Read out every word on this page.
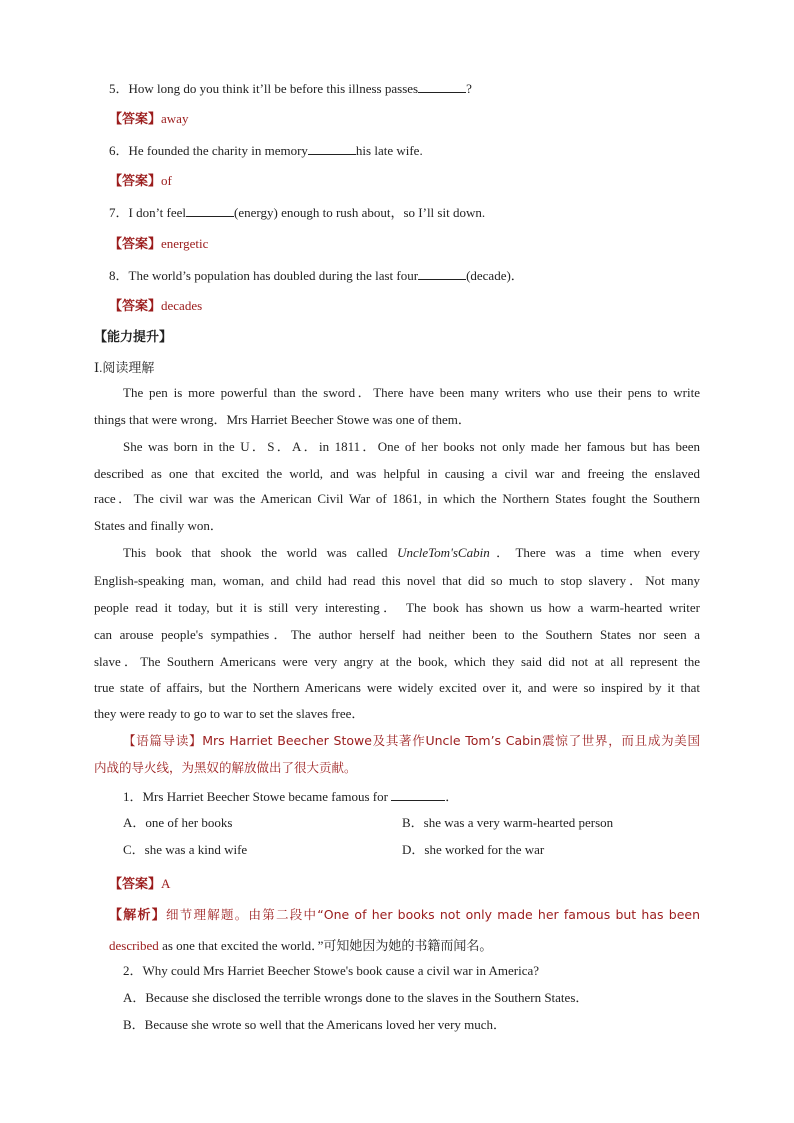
5．How long do you think it’ll be before this illness passes	?
【答案】away
6．He founded the charity in memory	his late wife.
【答案】of
7．I don’t feel	(energy) enough to rush about，so I’ll sit down.
【答案】energetic
8．The world’s population has doubled during the last four	(decade)．
【答案】decades
【能力提升】
Ⅰ.阅读理解
The pen is more powerful than the sword．There have been many writers who use their pens to write
things that were wrong．Mrs Harriet Beecher Stowe was one of them．
She was born in the U．S．A．in 1811．One of her books not only made her famous but has been
described as one that excited the world, and was helpful in causing a civil war and freeing the enslaved
race．The civil war was the American Civil War of 1861, in which the Northern States fought the Southern
States and finally won．
This book that shook the world was called UncleTom'sCabin．There was a time when every
English-speaking man, woman, and child had read this novel that did so much to stop slavery．Not many
people read it today, but it is still very interesting． The book has shown us how a warm-hearted writer
can arouse people's sympathies．The author herself had neither been to the Southern States nor seen a
slave．The Southern Americans were very angry at the book, which they said did not at all represent the
true state of affairs, but the Northern Americans were widely excited over it, and were so inspired by it that
they were ready to go to war to set the slaves free．
【语篇导读】Mrs Harriet Beecher Stowe及其著作Uncle Tom’s Cabin震惊了世界，而且成为美国
内战的导火线，为黑奴的解放做出了很大贡献。
1．Mrs Harriet Beecher Stowe became famous for	．
A．one of her books	B．she was a very warm-hearted person
C．she was a kind wife	D．she worked for the war
【答案】A
【解析】细节理解题。由第二段中“One of her books not only made her famous but has been
described as one that excited the world．”可知她因为她的书籍而闻名。
2．Why could Mrs Harriet Beecher Stowe's book cause a civil war in America?
A．Because she disclosed the terrible wrongs done to the slaves in the Southern States．
B．Because she wrote so well that the Americans loved her very much．
